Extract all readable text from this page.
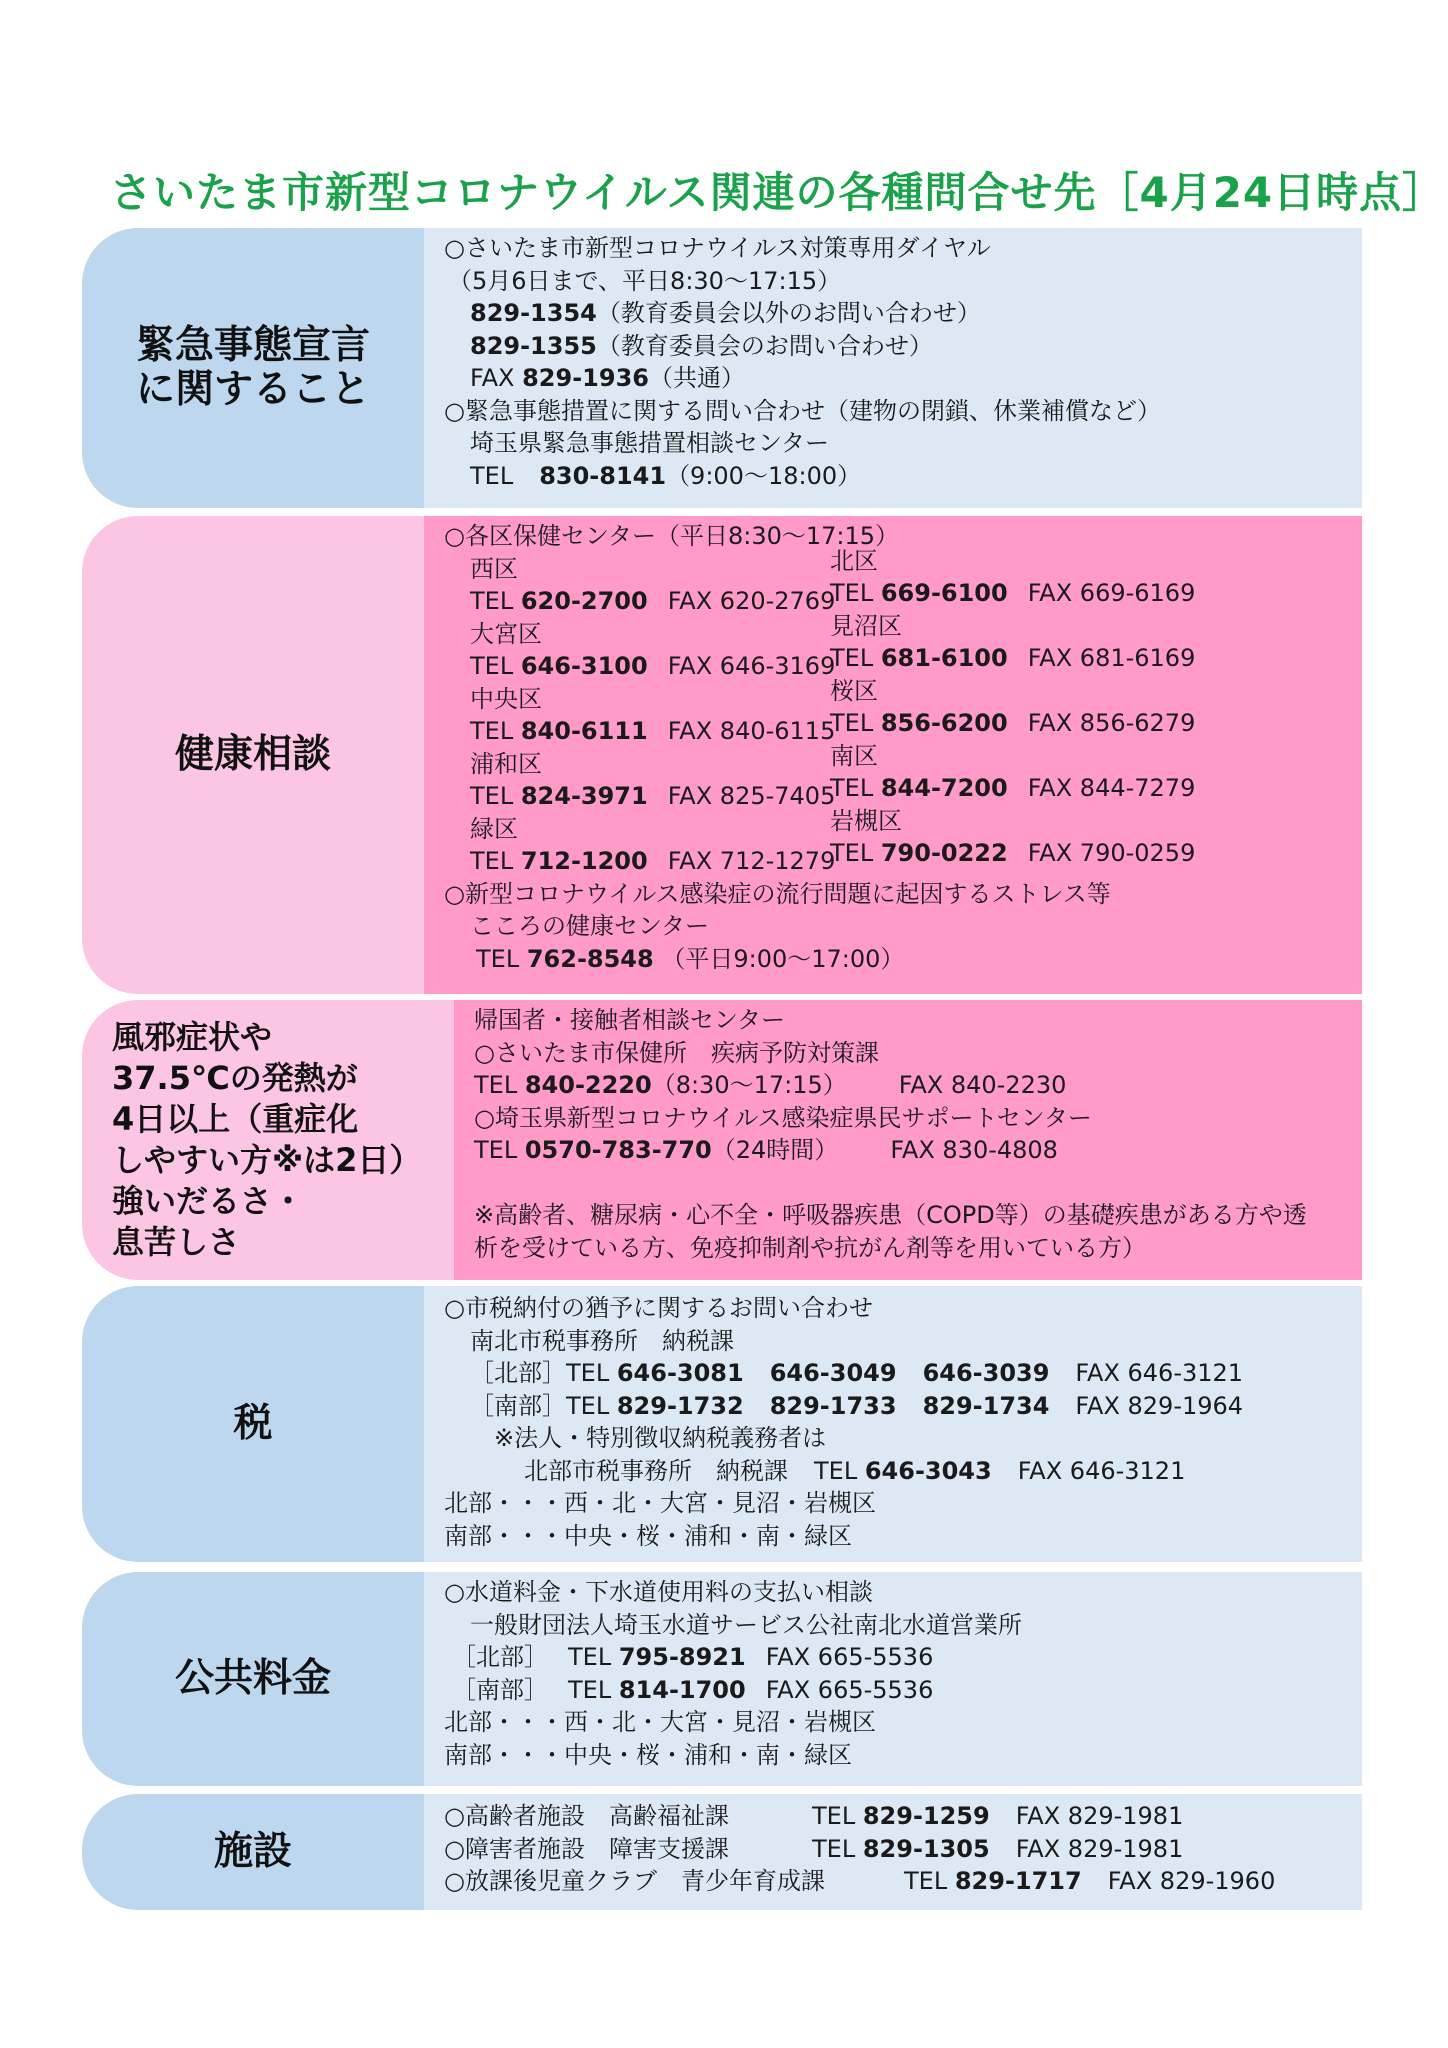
さいたま市新型コロナウイルス関連の各種問合せ先［4月24日時点］
緊急事態宣言
に関すること
○さいたま市新型コロナウイルス対策専用ダイヤル
（5月6日まで、平日8:30～17:15）
829-1354（教育委員会以外のお問い合わせ）
829-1355（教育委員会のお問い合わせ）
FAX 829-1936（共通）
○緊急事態措置に関する問い合わせ（建物の閉鎖、休業補償など）
埼玉県緊急事態措置相談センター
TEL 830-8141（9:00～18:00）
健康相談
○各区保健センター（平日8:30～17:15）
西区
TEL 620-2700 FAX 620-2769
大宮区
TEL 646-3100 FAX 646-3169
中央区
TEL 840-6111 FAX 840-6115
浦和区
TEL 824-3971 FAX 825-7405
緑区
TEL 712-1200 FAX 712-1279
北区
TEL 669-6100 FAX 669-6169
見沼区
TEL 681-6100 FAX 681-6169
桜区
TEL 856-6200 FAX 856-6279
南区
TEL 844-7200 FAX 844-7279
岩槻区
TEL 790-0222 FAX 790-0259
○新型コロナウイルス感染症の流行問題に起因するストレス等
こころの健康センター
TEL 762-8548 （平日9:00～17:00）
風邪症状や
37.5℃の発熱が
4日以上（重症化
しやすい方※は2日）
強いだるさ・
息苦しさ
帰国者・接触者相談センター
○さいたま市保健所　疾病予防対策課
TEL 840-2220（8:30～17:15） FAX 840-2230
○埼玉県新型コロナウイルス感染症県民サポートセンター
TEL 0570-783-770（24時間） FAX 830-4808
※高齢者、糖尿病・心不全・呼吸器疾患（COPD等）の基礎疾患がある方や透
析を受けている方、免疫抑制剤や抗がん剤等を用いている方）
税
○市税納付の猶予に関するお問い合わせ
南北市税事務所　納税課
［北部］TEL 646-3081 646-3049 646-3039 FAX 646-3121
［南部］TEL 829-1732 829-1733 829-1734 FAX 829-1964
※法人・特別徴収納税義務者は
北部市税事務所　納税課 TEL 646-3043 FAX 646-3121
北部・・・西・北・大宮・見沼・岩槻区
南部・・・中央・桜・浦和・南・緑区
公共料金
○水道料金・下水道使用料の支払い相談
一般財団法人埼玉水道サービス公社南北水道営業所
［北部］ TEL 795-8921 FAX 665-5536
［南部］ TEL 814-1700 FAX 665-5536
北部・・・西・北・大宮・見沼・岩槻区
南部・・・中央・桜・浦和・南・緑区
施設
○高齢者施設　高齢福祉課	TEL 829-1259 FAX 829-1981
○障害者施設　障害支援課	TEL 829-1305 FAX 829-1981
○放課後児童クラブ　青少年育成課	TEL 829-1717 FAX 829-1960
